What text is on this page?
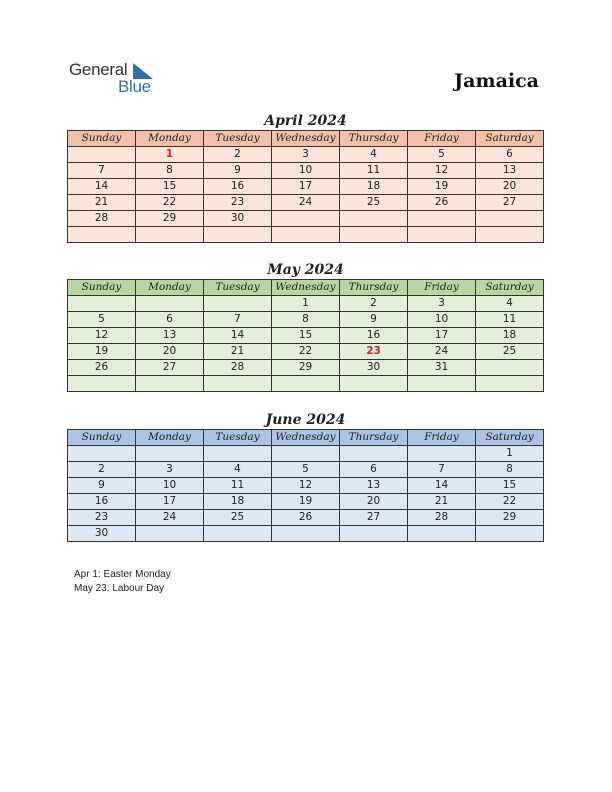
General
Blue	Jamaica
April 2024
Sunday	Monday	Tuesday	Wednesday	Thursday	Friday	Saturday
	1	2	3	4	5	6
7	8	9	10	11	12	13
14	15	16	17	18	19	20
21	22	23	24	25	26	27
28	29	30				

May 2024
Sunday	Monday	Tuesday	Wednesday	Thursday	Friday	Saturday
			1	2	3	4
5	6	7	8	9	10	11
12	13	14	15	16	17	18
19	20	21	22	23	24	25
26	27	28	29	30	31	

June 2024
Sunday	Monday	Tuesday	Wednesday	Thursday	Friday	Saturday
						1
2	3	4	5	6	7	8
9	10	11	12	13	14	15
16	17	18	19	20	21	22
23	24	25	26	27	28	29
30						
Apr 1: Easter Monday
May 23: Labour Day
